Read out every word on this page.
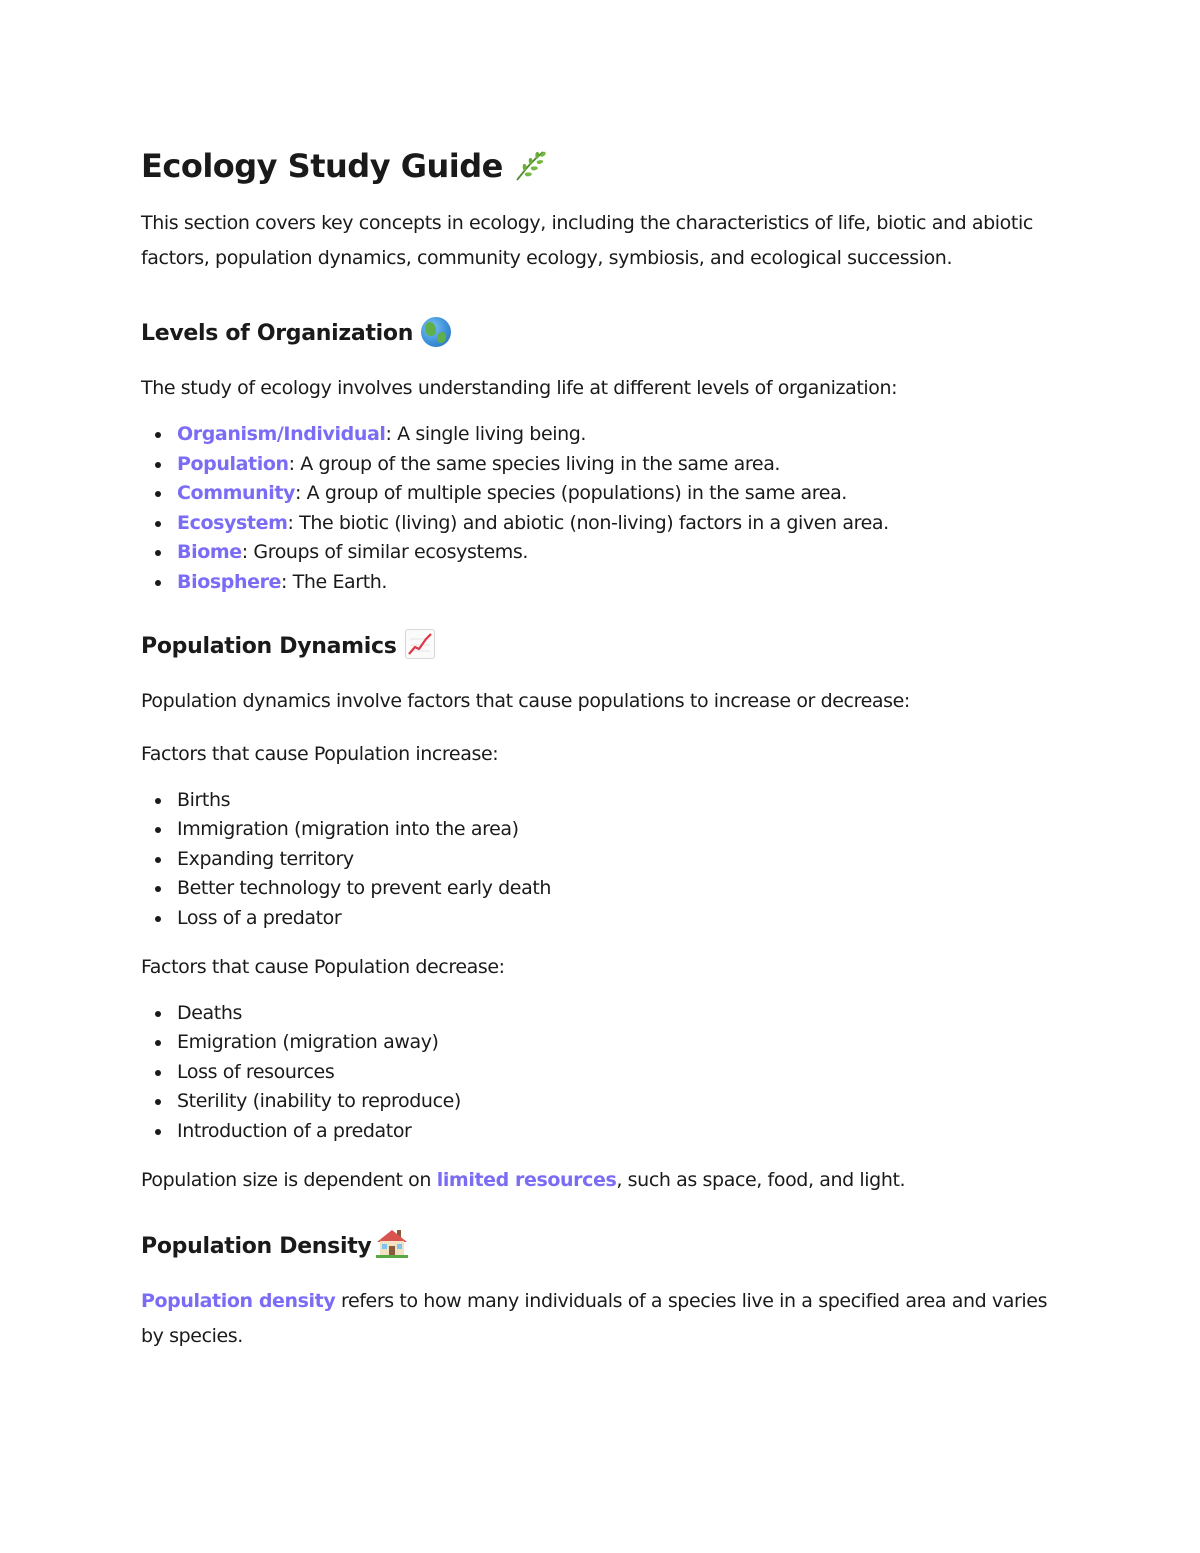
Ecology Study Guide

This section covers key concepts in ecology, including the characteristics of life, biotic and abiotic factors, population dynamics, community ecology, symbiosis, and ecological succession.

Levels of Organization

The study of ecology involves understanding life at different levels of organization:

Organism/Individual: A single living being.
Population: A group of the same species living in the same area.
Community: A group of multiple species (populations) in the same area.
Ecosystem: The biotic (living) and abiotic (non-living) factors in a given area.
Biome: Groups of similar ecosystems.
Biosphere: The Earth.
Population Dynamics

Population dynamics involve factors that cause populations to increase or decrease:

Factors that cause Population increase:

Births
Immigration (migration into the area)
Expanding territory
Better technology to prevent early death
Loss of a predator

Factors that cause Population decrease:

Deaths
Emigration (migration away)
Loss of resources
Sterility (inability to reproduce)
Introduction of a predator

Population size is dependent on limited resources, such as space, food, and light.

Population Density

Population density refers to how many individuals of a species live in a specified area and varies by species.
